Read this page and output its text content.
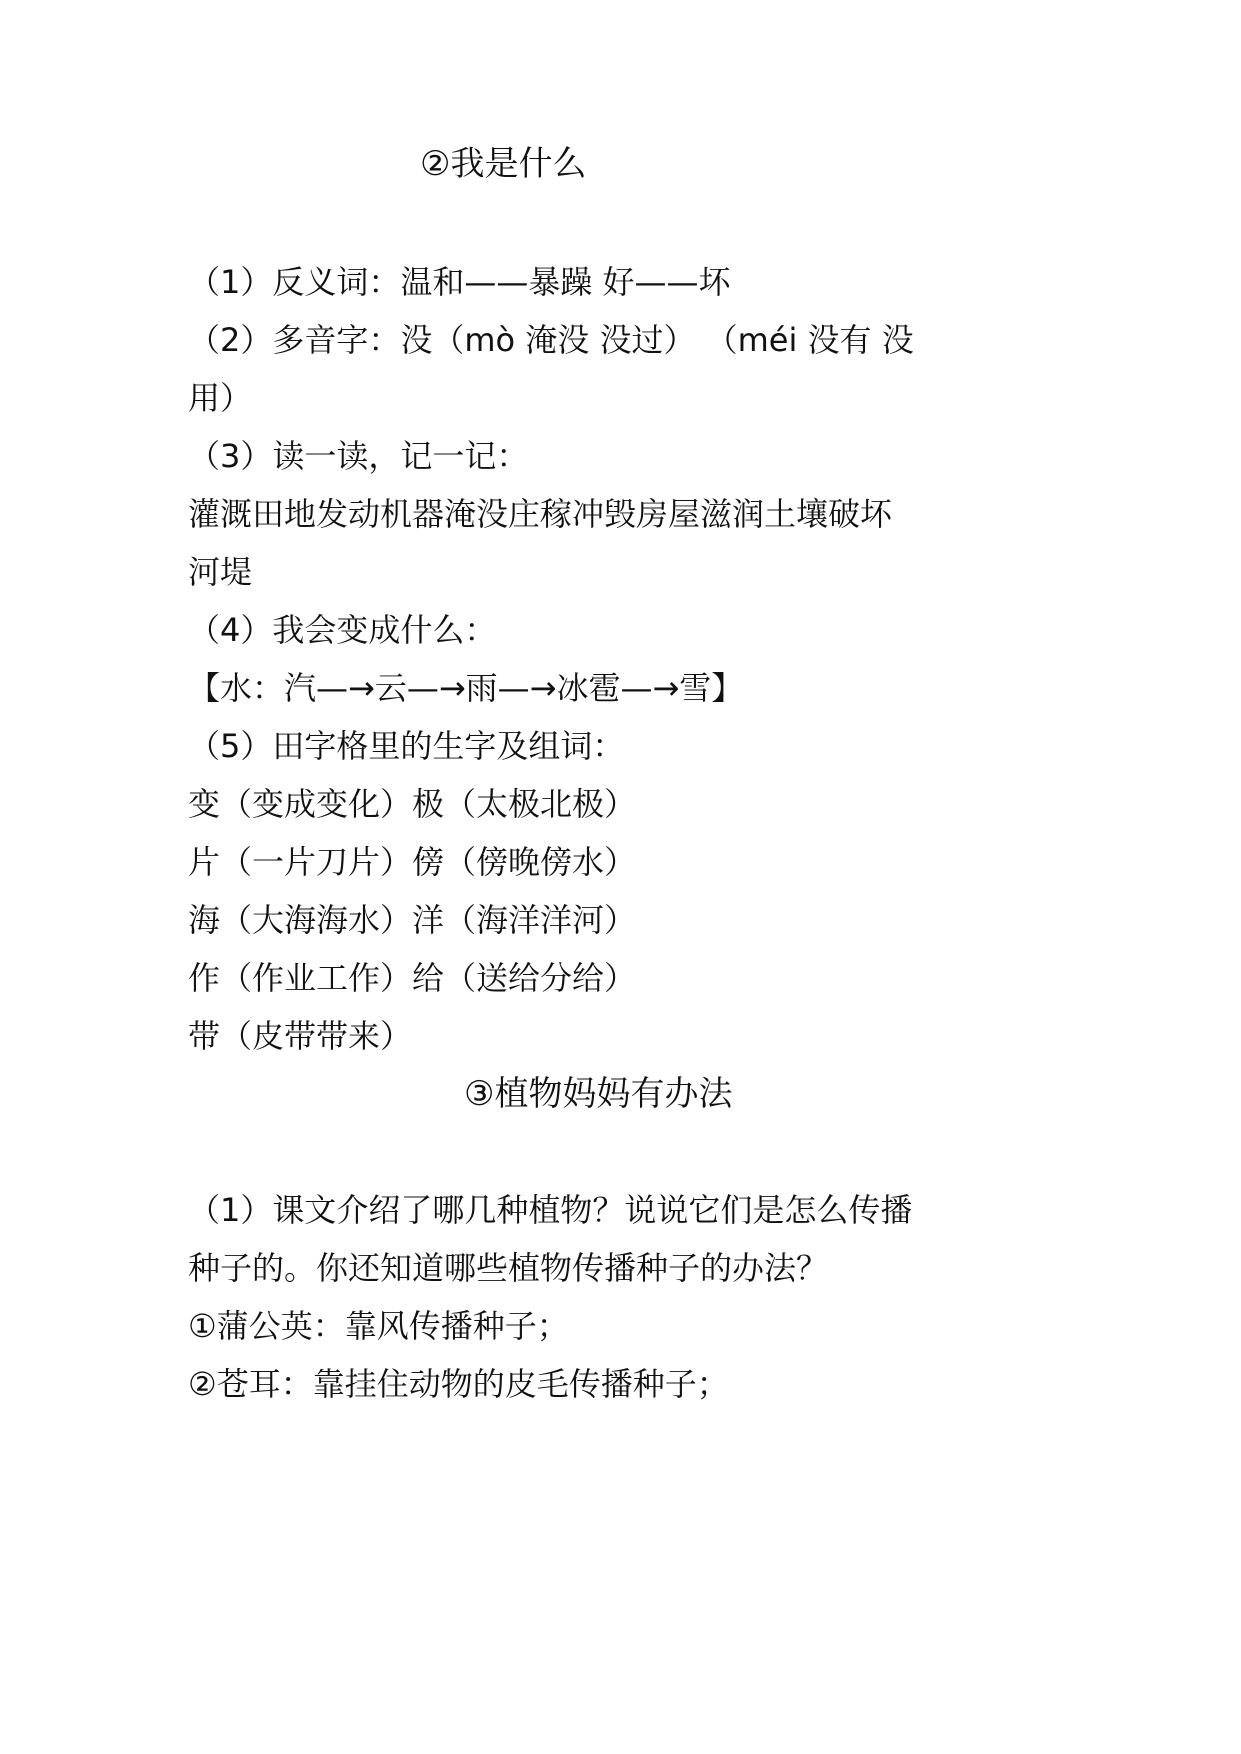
②我是什么
（1）反义词：温和——暴躁 好——坏
（2）多音字：没（mò 淹没 没过） （méi 没有 没
用）
（3）读一读，记一记：
灌溉田地发动机器淹没庄稼冲毁房屋滋润土壤破坏
河堤
（4）我会变成什么：
【水：汽—→云—→雨—→冰雹—→雪】
（5）田字格里的生字及组词：
变（变成变化）极（太极北极）
片（一片刀片）傍（傍晚傍水）
海（大海海水）洋（海洋洋河）
作（作业工作）给（送给分给）
带（皮带带来）
③植物妈妈有办法
（1）课文介绍了哪几种植物？说说它们是怎么传播
种子的。你还知道哪些植物传播种子的办法？
①蒲公英：靠风传播种子；
②苍耳：靠挂住动物的皮毛传播种子；
